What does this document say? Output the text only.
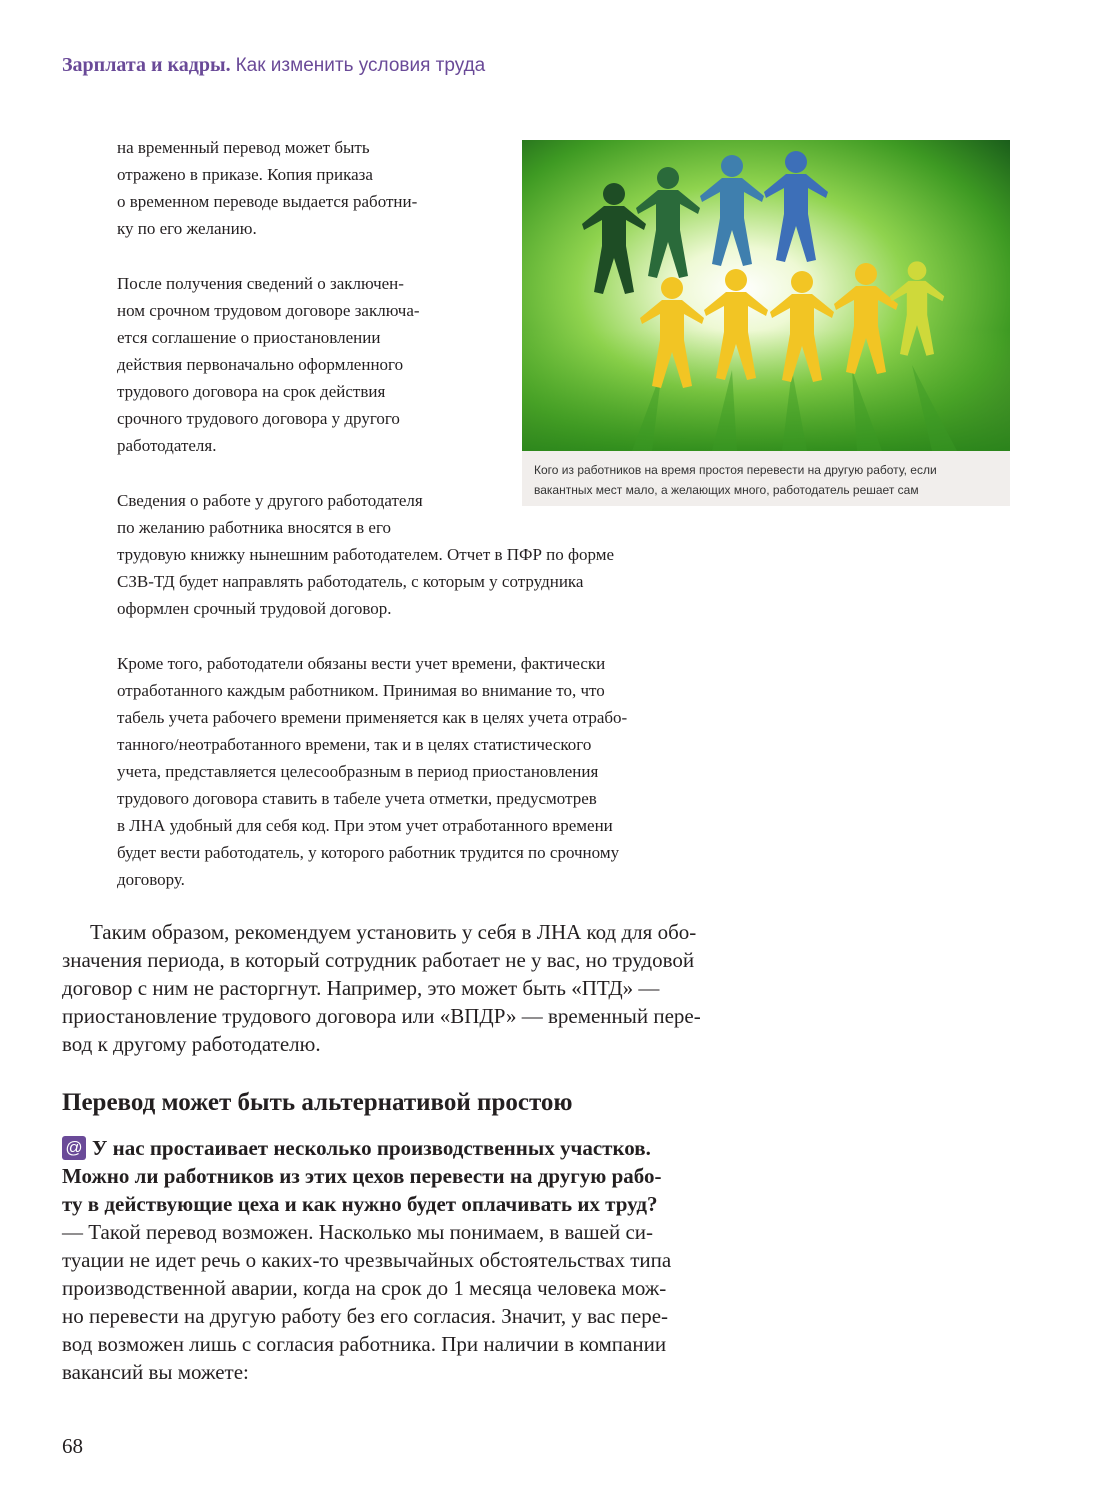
Зарплата и кадры. Как изменить условия труда

на временный перевод может быть
отражено в приказе. Копия приказа
о временном переводе выдается работни-
ку по его желанию.

После получения сведений о заключен-
ном срочном трудовом договоре заключа-
ется соглашение о приостановлении
действия первоначально оформленного
трудового договора на срок действия
срочного трудового договора у другого
работодателя.

Сведения о работе у другого работодателя
по желанию работника вносятся в его
трудовую книжку нынешним работодателем. Отчет в ПФР по форме
СЗВ-ТД будет направлять работодатель, с которым у сотрудника
оформлен срочный трудовой договор.

Кроме того, работодатели обязаны вести учет времени, фактически
отработанного каждым работником. Принимая во внимание то, что
табель учета рабочего времени применяется как в целях учета отрабо-
танного/неотработанного времени, так и в целях статистического
учета, представляется целесообразным в период приостановления
трудового договора ставить в табеле учета отметки, предусмотрев
в ЛНА удобный для себя код. При этом учет отработанного времени
будет вести работодатель, у которого работник трудится по срочному
договору.

Кого из работников на время простоя перевести на другую работу, если
вакантных мест мало, а желающих много, работодатель решает сам

Таким образом, рекомендуем установить у себя в ЛНА код для обо-
значения периода, в который сотрудник работает не у вас, но трудовой
договор с ним не расторгнут. Например, это может быть «ПТД» —
приостановление трудового договора или «ВПДР» — временный пере-
вод к другому работодателю.

Перевод может быть альтернативой простою

@ У нас простаивает несколько производственных участков.
Можно ли работников из этих цехов перевести на другую рабо-
ту в действующие цеха и как нужно будет оплачивать их труд?

— Такой перевод возможен. Насколько мы понимаем, в вашей си-
туации не идет речь о каких-то чрезвычайных обстоятельствах типа
производственной аварии, когда на срок до 1 месяца человека мож-
но перевести на другую работу без его согласия. Значит, у вас пере-
вод возможен лишь с согласия работника. При наличии в компании
вакансий вы можете:

68
